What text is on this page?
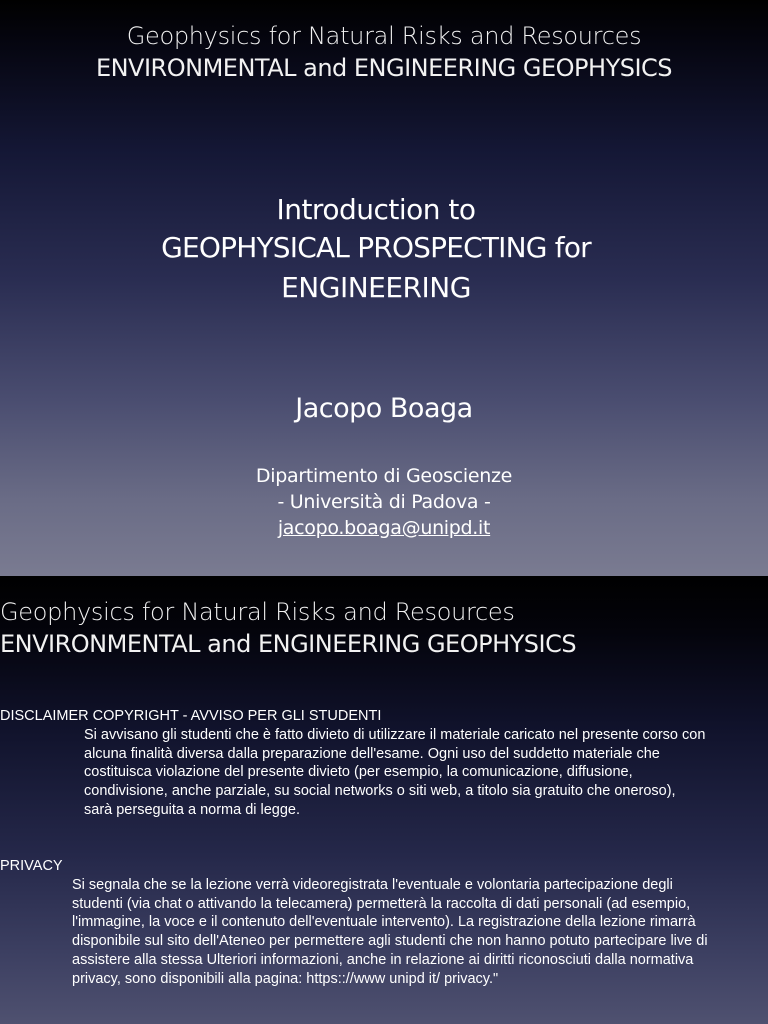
Geophysics for Natural Risks and Resources
ENVIRONMENTAL and ENGINEERING GEOPHYSICS
Introduction to
GEOPHYSICAL PROSPECTING for
ENGINEERING
Jacopo Boaga
Dipartimento di Geoscienze
- Università di Padova -
jacopo.boaga@unipd.it
Geophysics for Natural Risks and Resources
ENVIRONMENTAL and ENGINEERING GEOPHYSICS
DISCLAIMER COPYRIGHT - AVVISO PER GLI STUDENTI
Si avvisano gli studenti che è fatto divieto di utilizzare il materiale caricato nel presente corso con alcuna finalità diversa dalla preparazione dell'esame. Ogni uso del suddetto materiale che costituisca violazione del presente divieto (per esempio, la comunicazione, diffusione, condivisione, anche parziale, su social networks o siti web, a titolo sia gratuito che oneroso), sarà perseguita a norma di legge.
PRIVACY
Si segnala che se la lezione verrà videoregistrata l'eventuale e volontaria partecipazione degli studenti (via chat o attivando la telecamera) permetterà la raccolta di dati personali (ad esempio, l'immagine, la voce e il contenuto dell'eventuale intervento). La registrazione della lezione rimarrà disponibile sul sito dell'Ateneo per permettere agli studenti che non hanno potuto partecipare live di assistere alla stessa Ulteriori informazioni, anche in relazione ai diritti riconosciuti dalla normativa privacy, sono disponibili alla pagina: https:://www unipd it/ privacy."
